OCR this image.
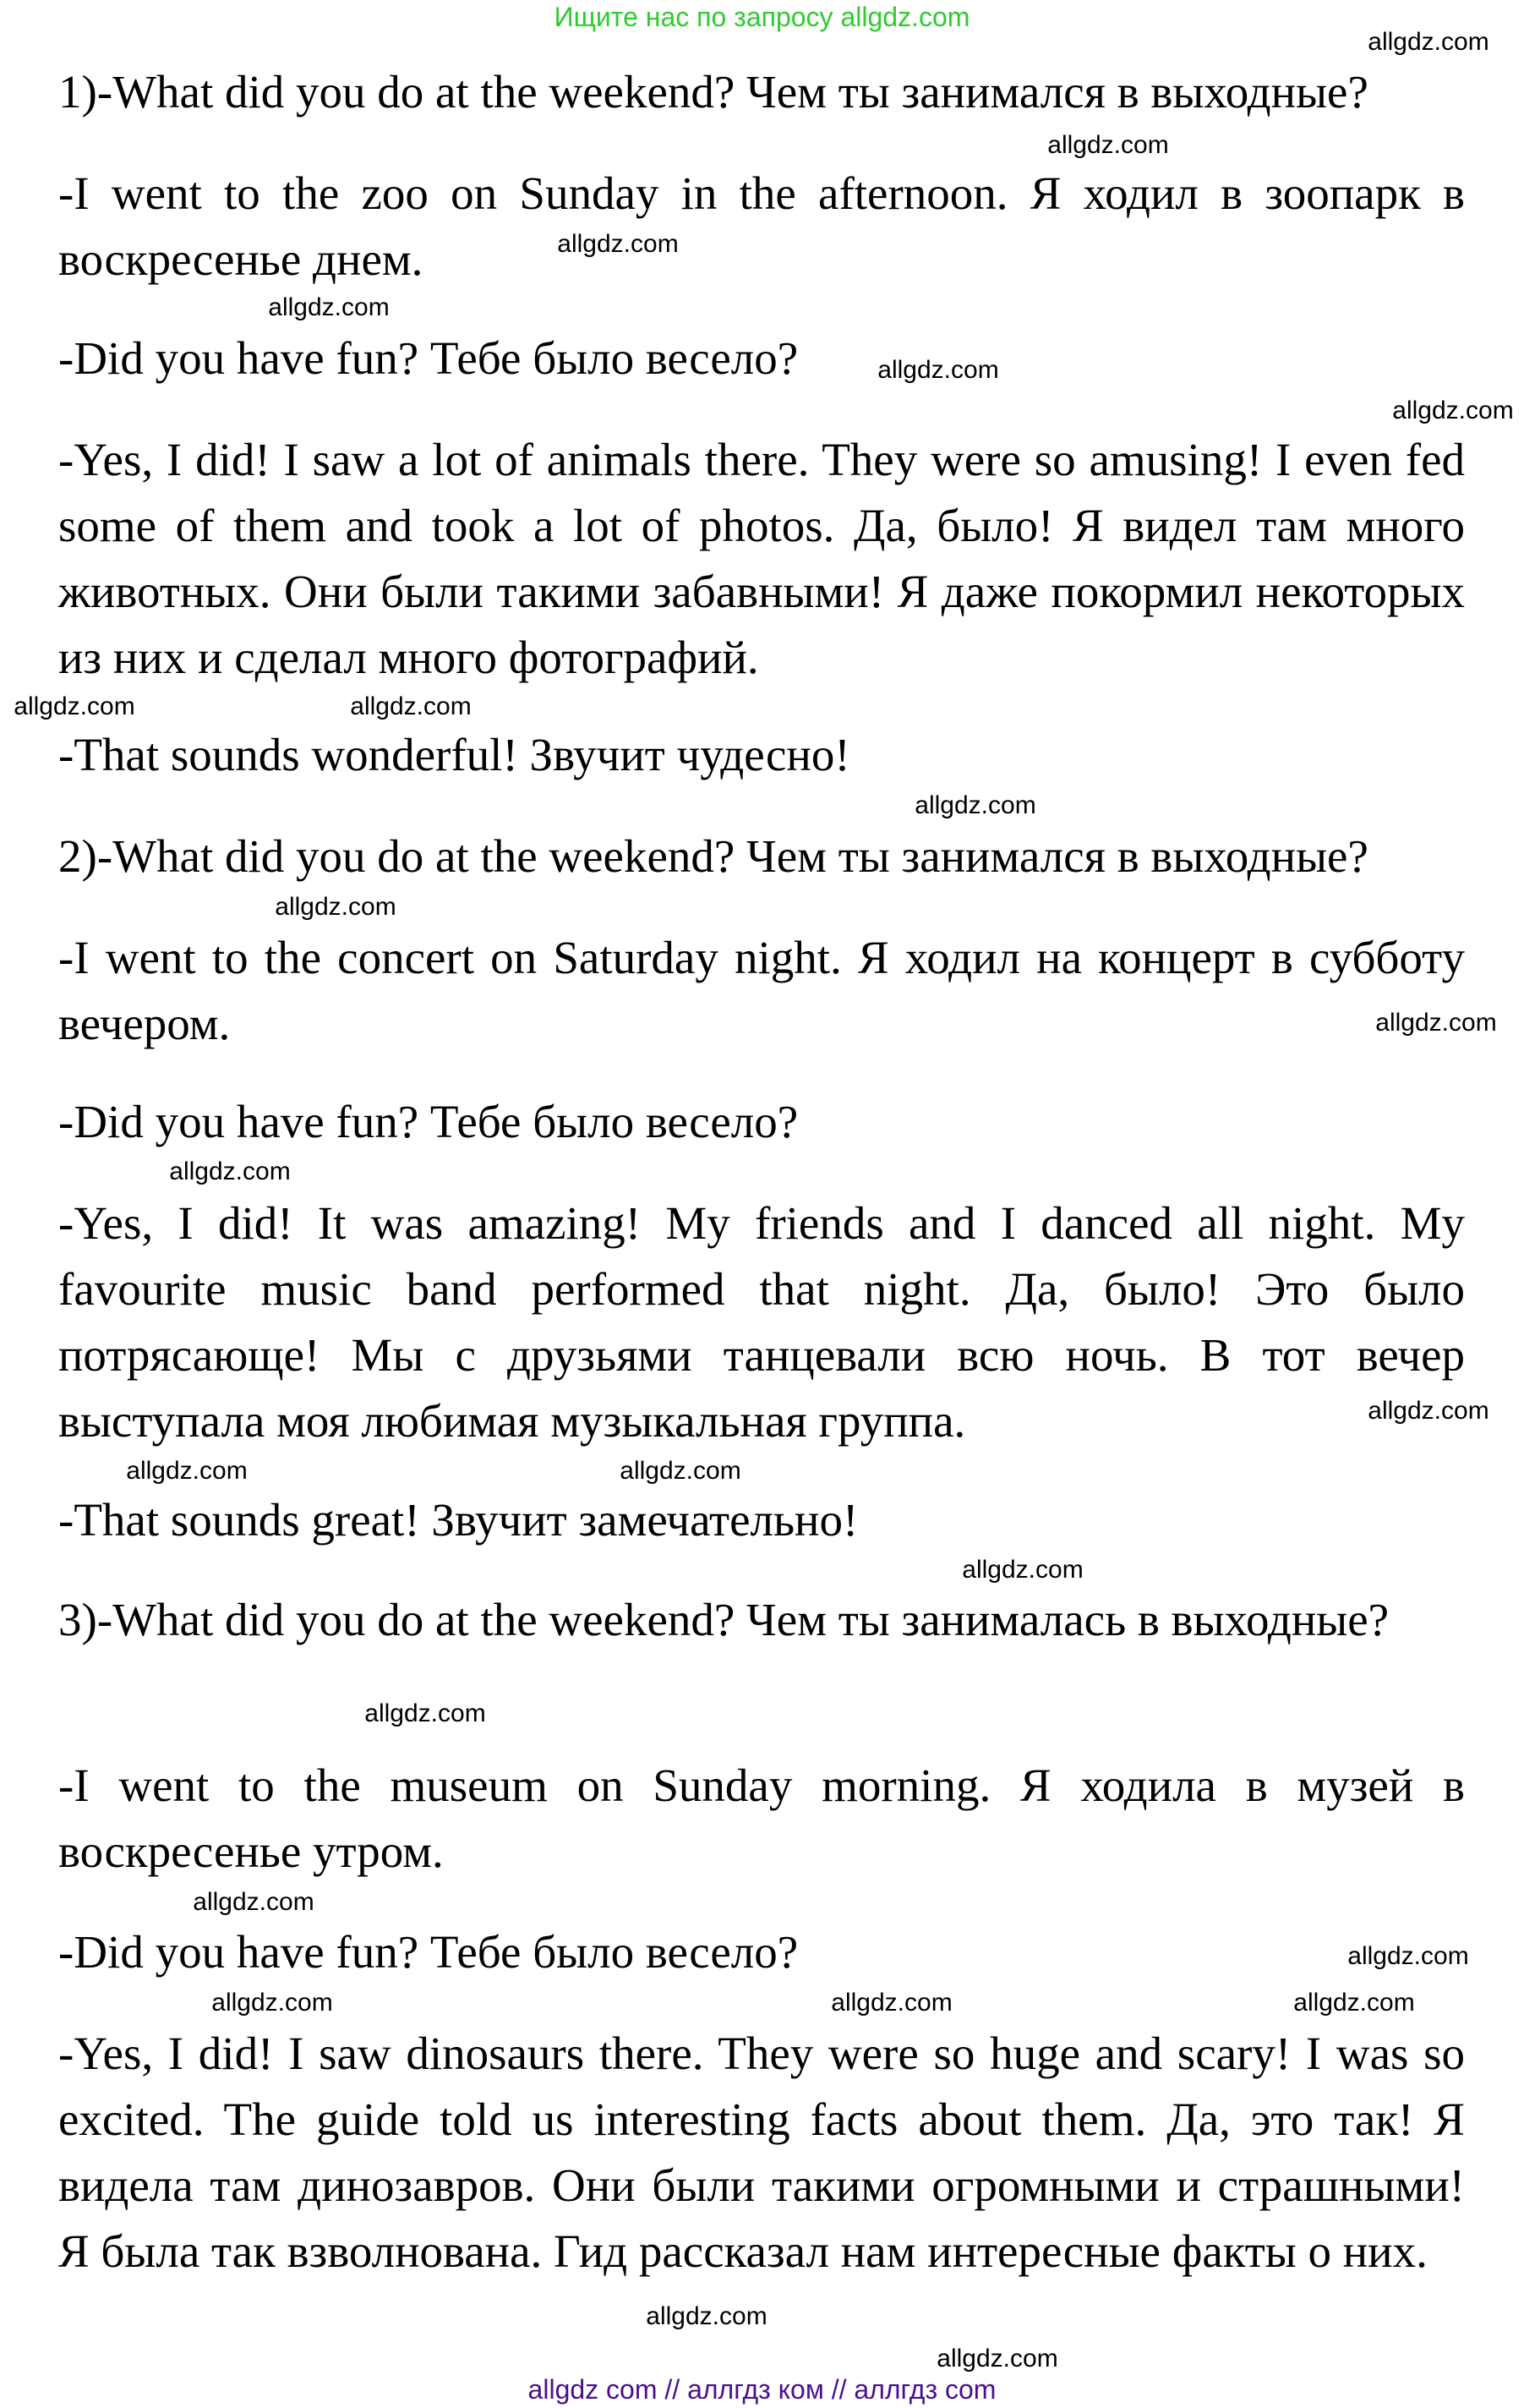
Ищите нас по запросу allgdz.com
1)-What did you do at the weekend? Чем ты занимался в выходные?
-I went to the zoo on Sunday in the afternoon. Я ходил в зоопарк в воскресенье днем.
-Did you have fun? Тебе было весело?
-Yes, I did! I saw a lot of animals there. They were so amusing! I even fed some of them and took a lot of photos. Да, было! Я видел там много животных. Они были такими забавными! Я даже покормил некоторых из них и сделал много фотографий.
-That sounds wonderful! Звучит чудесно!
2)-What did you do at the weekend? Чем ты занимался в выходные?
-I went to the concert on Saturday night. Я ходил на концерт в субботу вечером.
-Did you have fun? Тебе было весело?
-Yes, I did! It was amazing! My friends and I danced all night. My favourite music band performed that night. Да, было! Это было потрясающе! Мы с друзьями танцевали всю ночь. В тот вечер выступала моя любимая музыкальная группа.
-That sounds great! Звучит замечательно!
3)-What did you do at the weekend? Чем ты занималась в выходные?
-I went to the museum on Sunday morning. Я ходила в музей в воскресенье утром.
-Did you have fun? Тебе было весело?
-Yes, I did! I saw dinosaurs there. They were so huge and scary! I was so excited. The guide told us interesting facts about them. Да, это так! Я видела там динозавров. Они были такими огромными и страшными! Я была так взволнована. Гид рассказал нам интересные факты о них.
allgdz.com
allgdz.com
allgdz.com
allgdz.com
allgdz.com
allgdz.com
allgdz.com
allgdz.com
allgdz.com
allgdz.com
allgdz.com
allgdz.com
allgdz.com
allgdz.com
allgdz.com
allgdz.com
allgdz.com
allgdz.com
allgdz.com
allgdz.com
allgdz.com	allgdz.com
allgdz.com
allgdz.com
allgdz com // аллгдз ком // аллгдз com
